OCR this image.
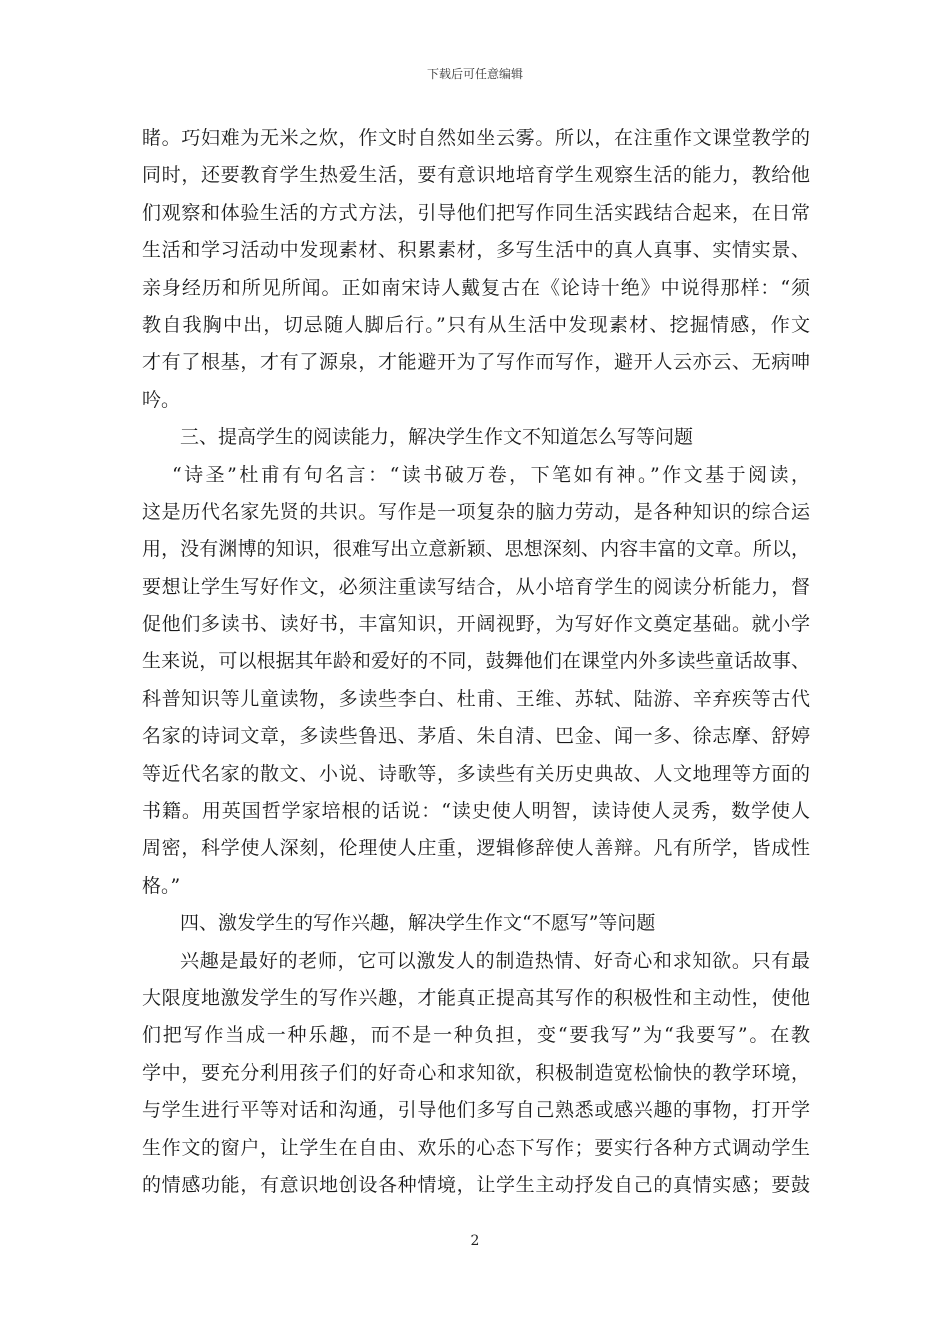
下载后可任意编辑
睹。巧妇难为无米之炊，作文时自然如坐云雾。所以，在注重作文课堂教学的
同时，还要教育学生热爱生活，要有意识地培育学生观察生活的能力，教给他
们观察和体验生活的方式方法，引导他们把写作同生活实践结合起来，在日常
生活和学习活动中发现素材、积累素材，多写生活中的真人真事、实情实景、
亲身经历和所见所闻。正如南宋诗人戴复古在《论诗十绝》中说得那样：“须
教自我胸中出，切忌随人脚后行。”只有从生活中发现素材、挖掘情感，作文
才有了根基，才有了源泉，才能避开为了写作而写作，避开人云亦云、无病呻
吟。
三、提高学生的阅读能力，解决学生作文不知道怎么写等问题
“诗圣”杜甫有句名言：“读书破万卷，下笔如有神。”作文基于阅读，
这是历代名家先贤的共识。写作是一项复杂的脑力劳动，是各种知识的综合运
用，没有渊博的知识，很难写出立意新颖、思想深刻、内容丰富的文章。所以，
要想让学生写好作文，必须注重读写结合，从小培育学生的阅读分析能力，督
促他们多读书、读好书，丰富知识，开阔视野，为写好作文奠定基础。就小学
生来说，可以根据其年龄和爱好的不同，鼓舞他们在课堂内外多读些童话故事、
科普知识等儿童读物，多读些李白、杜甫、王维、苏轼、陆游、辛弃疾等古代
名家的诗词文章，多读些鲁迅、茅盾、朱自清、巴金、闻一多、徐志摩、舒婷
等近代名家的散文、小说、诗歌等，多读些有关历史典故、人文地理等方面的
书籍。用英国哲学家培根的话说：“读史使人明智，读诗使人灵秀，数学使人
周密，科学使人深刻，伦理使人庄重，逻辑修辞使人善辩。凡有所学，皆成性
格。”
四、激发学生的写作兴趣，解决学生作文“不愿写”等问题
兴趣是最好的老师，它可以激发人的制造热情、好奇心和求知欲。只有最
大限度地激发学生的写作兴趣，才能真正提高其写作的积极性和主动性，使他
们把写作当成一种乐趣，而不是一种负担，变“要我写”为“我要写”。在教
学中，要充分利用孩子们的好奇心和求知欲，积极制造宽松愉快的教学环境，
与学生进行平等对话和沟通，引导他们多写自己熟悉或感兴趣的事物，打开学
生作文的窗户，让学生在自由、欢乐的心态下写作；要实行各种方式调动学生
的情感功能，有意识地创设各种情境，让学生主动抒发自己的真情实感；要鼓
2
